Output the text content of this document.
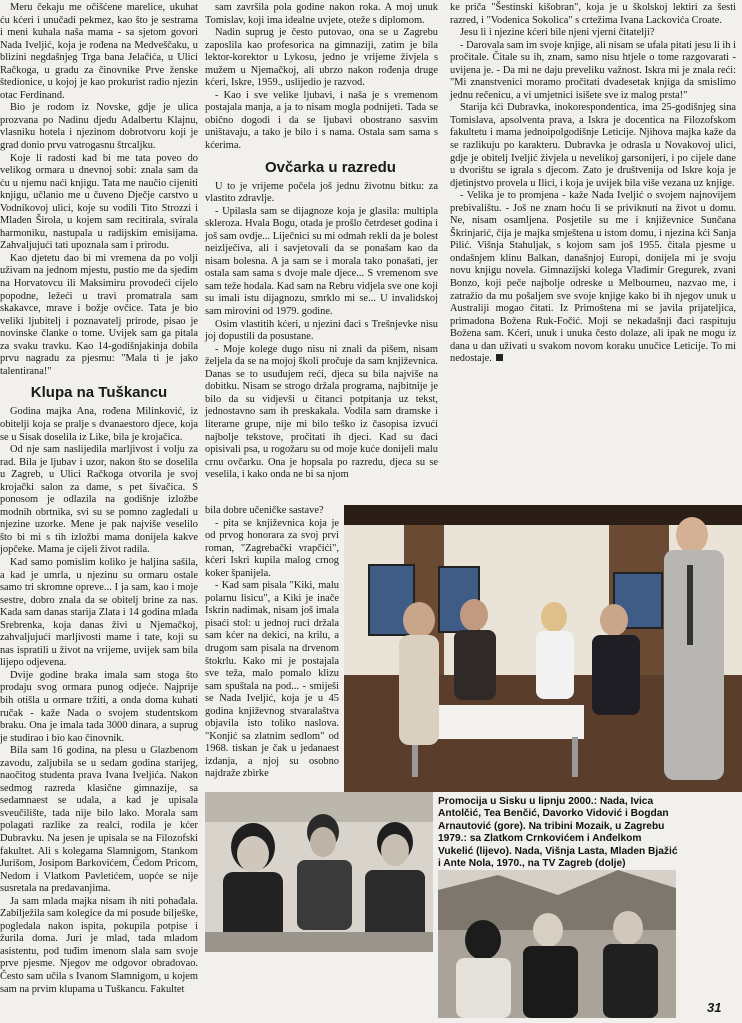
Meru čekaju me očišćene marelice, ukuhat ću kćeri i unučadi pekmez, kao što je sestrama i meni kuhala naša mama - sa sjetom govori Nada Ivelјić, koja je rođena na Medveščaku, u blizini negdašnjeg Trga bana Jelačića, u Ulici Račkoga, u gradu za činovnike Prve ženske štedionice, u kojoj je kao prokurist radio njezin otac Ferdinand.

Bio je rodom iz Novske, gdje je ulica prozvana po Nadinu djedu Adalbertu Klajnu, vlasniku hotela i njezinom dobrotvoru koji je grad donio prvu vatrogasnu štrcaljku.

Koje li radosti kad bi me tata poveo do velikog ormara u dnevnoj sobi: znala sam da ću u njemu naći knjigu. Tata me naučio cijeniti knjigu, učlanio me u čuveno Dječje carstvo u Vodnikovoj ulici, koje su vodili Tito Strozzi i Mladen Širola, u kojem sam recitirala, svirala harmoniku, nastupala u radijskim emisijama. Zahvaljujući tati upoznala sam i prirodu.

Kao djetetu dao bi mi vremena da po volji uživam na jednom mjestu, pustio me da sjedim na Horvatovcu ili Maksimiru provodeći cijelo popodne, ležeći u travi promatrala sam skakavce, mrave i božje ovčice. Tata je bio veliki ljubitelj i poznavatelj prirode, pisao je novinske članke o tome. Uvijek sam ga pitala za svaku travku. Kao 14-godišnjakinja dobila prvu nagradu za pjesmu: "Mala ti je jako talentirana!"

Klupa na Tuškancu

Godina majka Ana, rođena Milinković, iz obitelji koja se pralje s dvanaestoro djece, koja se u Sisak doselila iz Like, bila je krojačica.

Od nje sam naslijedila marljivost i volju za rad. Bila je ljubav i uzor, nakon što se doselila u Zagreb, u Ulici Račkoga otvorila je svoj krojački salon za dame, s pet šivačica. S ponosom je odlazila na godišnje izložbe modnih obrtnika, svi su se pomno zagledali u njezine uzorke. Mene je pak najviše veselilo što bi mi s tih izložbi mama donijela kakve jopčeke. Mama je cijeli život radila.

Kad samo pomislim koliko je haljina sašila, a kad je umrla, u njezinu su ormaru ostale samo tri skromne opreve... I ja sam, kao i moje sestre, dobro znala da se obitelj brine za nas. Kada sam danas starija Zlata i 14 godina mlađa Srebrenka, koja danas živi u Njemačkoj, zahvaljujući marljivosti mame i tate, koji su nas ispratili u život na vrijeme, uvijek sam bila lijepo odjevena.

Dvije godine braka imala sam stoga što prodaju svog ormara punog odjeće. Najprije bih otišla u ormare tržiti, a onda doma kuhati ručak - kaže Nada o svojem studentskom braku. Ona je imala tada 3000 dinara, a suprug je studirao i bio kao činovnik.

Bila sam 16 godina, na plesu u Glazbenom zavodu, zaljubila se u sedam godina starijeg, naočitog studenta prava Ivana Ivelјića. Nakon sedmog razreda klasične gimnazije, sa sedamnaest se udala, a kad je upisala sveučilište, tada nije bilo lako. Morala sam polagati razlike za realci, rodila je kćer Dubravku. Na jesen je upisala se na Filozofski fakultet. Ali s kolegama Slamnigom, Stankom Jurišom, Josipom Barkovićem, Čedom Pricom, Nedom i Vlatkom Pavletićem, uopće se nije susretala na predavanjima.

Ja sam mlada majka nisam ih niti pohađala. Zabilježila sam kolegice da mi posude bilješke, pogledala nakon ispita, pokupila potpise i žurila doma. Juri je mlad, tada mladom asistentu, pod tuđim imenom slala sam svoje prve pjesme. Njegov me odgovor obradovao. Često sam učila s Ivanom Slamnigom, u kojem sam na prvim klupama u Tuškancu. Fakultet

sam završila pola godine nakon roka. A moj unuk Tomislav, koji ima idealne uvjete, oteže s diplomom.

Nadin suprug je često putovao, ona se u Zagrebu zaposlila kao profesorica na gimnaziji, zatim je bila lektor-korektor u Lykosu, jedno je vrijeme živjela s mužem u Njemačkoj, ali ubrzo nakon rođenja druge kćeri, Iskre, 1959., uslijedio je razvod.

- Kao i sve velike ljubavi, i naša je s vremenom postajala manja, a ja to nisam mogla podnijeti. Tada se obično dogodi i da se ljubavi obostrano sasvim uništavaju, a tako je bilo i s nama. Ostala sam sama s kćerima.

Ovčarka u razredu

U to je vrijeme počela još jednu životnu bitku: za vlastito zdravlje.

- Upilasla sam se dijagnoze koja je glasila: multipla skleroza. Hvala Bogu, otada je prošlo četrdeset godina i još sam ovdje... Liječnici su mi odmah rekli da je bolest neizlječiva, ali i savjetovali da se ponašam kao da nisam bolesna. A ja sam se i morala tako ponašati, jer ostala sam sama s dvoje male djece... S vremenom sve sam teže hodala. Kad sam na Rebru vidjela sve one koji su imali istu dijagnozu, smrklo mi se... U invalidskoj sam mirovini od 1979. godine.

Osim vlastitih kćeri, u njezini đaci s Trešnjevke nisu joj dopustili da posustane.

- Moje kolege dugo nisu ni znali da pišem, nisam željela da se na mojoj školi pročuje da sam književnica. Danas se to usuđujem reći, djeca su bila najviše na dobitku. Nisam se strogo držala programa, najbitnije je bilo da su vidjevši u čitanci potpitanja uz tekst, jednostavno sam ih preskakala. Vodila sam dramske i literarne grupe, nije mi bilo teško iz časopisa izvući najbolje tekstove, pročitati ih djeci. Kad su đaci opisivali psa, u rogožaru su od moje kuće donijeli malu crnu ovčarku. Ona je hopsala po razredu, djeca su se veselila, i kako onda ne bi sa njom

bila dobre učeničke sastave?

- pita se književnica koja je od prvog honorara za svoj prvi roman, "Zagrebački vrapčići", kćeri Iskri kupila malog crnog koker španijela.

- Kad sam pisala "Kiki, malu polarnu lisicu", a Kiki je inače Iskrin nadimak, nisam još imala pisaći stol: u jednoj ruci držala sam kćer na dekici, na krilu, a drugom sam pisala na drvenom štokrlu. Kako mi je postajala sve teža, malo pomalo klizu sam spuštala na pod... - smiješi se Nada Ivelјić, koja je u 45 godina književnog stvaralaštva objavila isto toliko naslova. "Konjić sa zlatnim sedlom" od 1968. tiskan je čak u jedanaest izdanja, a njoj su osobno najdraže zbirke

ke priča "Šestinski kišobran", koja je u školskoj lektiri za šesti razred, i "Vodenica Sokolica" s crtežima Ivana Lackovića Croate.

Jesu li i njezine kćeri bile njeni vjerni čitatelji?

- Darovala sam im svoje knjige, ali nisam se ufala pitati jesu li ih i pročitale. Čitale su ih, znam, samo nisu htjele o tome razgovarati - uvijena je. - Da mi ne daju preveliku važnost. Iskra mi je znala reći: "Mi znanstvenici moramo pročitati dvadesetak knjiga da smislimo jednu rečenicu, a vi umjetnici isišete sve iz malog prsta!"

Starija kći Dubravka, inokorespondentica, ima 25-godišnjeg sina Tomislava, apsolventa prava, a Iskra je docentica na Filozofskom fakultetu i mama jednoipolgodišnje Leticije. Njihova majka kaže da se razlikuju po karakteru. Dubravka je odrasla u Novakovoj ulici, gdje je obitelj Ivelјić živjela u nevelikoj garsonijeri, i po cijele dane u dvorištu se igrala s djecom. Zato je društvenija od Iskre koja je djetinjstvo provela u Ilici, i koja je uvijek bila više vezana uz knjige.

- Velika je to promjena - kaže Nada Ivelјić o svojem najnovijem prebivalištu. - Još ne znam hoću li se priviknuti na život u domu. Ne, nisam osamljena. Posjetile su me i književnice Sunčana Škrinjarić, čija je majka smještena u istom domu, i njezina kći Sanja Pilić. Višnja Stahuljak, s kojom sam još 1955. čitala pjesme u ondašnjem klinu Balkan, današnjoj Europi, donijela mi je svoju novu knjigu novela. Gimnazijski kolega Vladimir Gregurek, zvani Bonzo, koji peče najbolje odreske u Melbourneu, nazvao me, i zatražio da mu pošaljem sve svoje knjige kako bi ih njegov unuk u Australiji mogao čitati. Iz Primoštena mi se javila prijateljica, primadona Božena Ruk-Fočić. Moji se nekadašnji đaci raspituju Božena sam. Kćeri, unuk i unuka često dolaze, ali ipak ne mogu iz dana u dan uživati u svakom novom koraku unučice Leticije. To mi nedostaje.

Promocija u Sisku u lipnju 2000.: Nada, Ivica Antolčić, Tea Benčić, Davorko Vidović i Bogdan Arnautović (gore). Na tribini Mozaik, u Zagrebu 1979.: sa Zlatkom Crnkovićem i Anđelkom Vukelić (lijevo). Nada, Višnja Lasta, Mladen Bjažić i Ante Nola, 1970., na TV Zagreb (dolje)
31
